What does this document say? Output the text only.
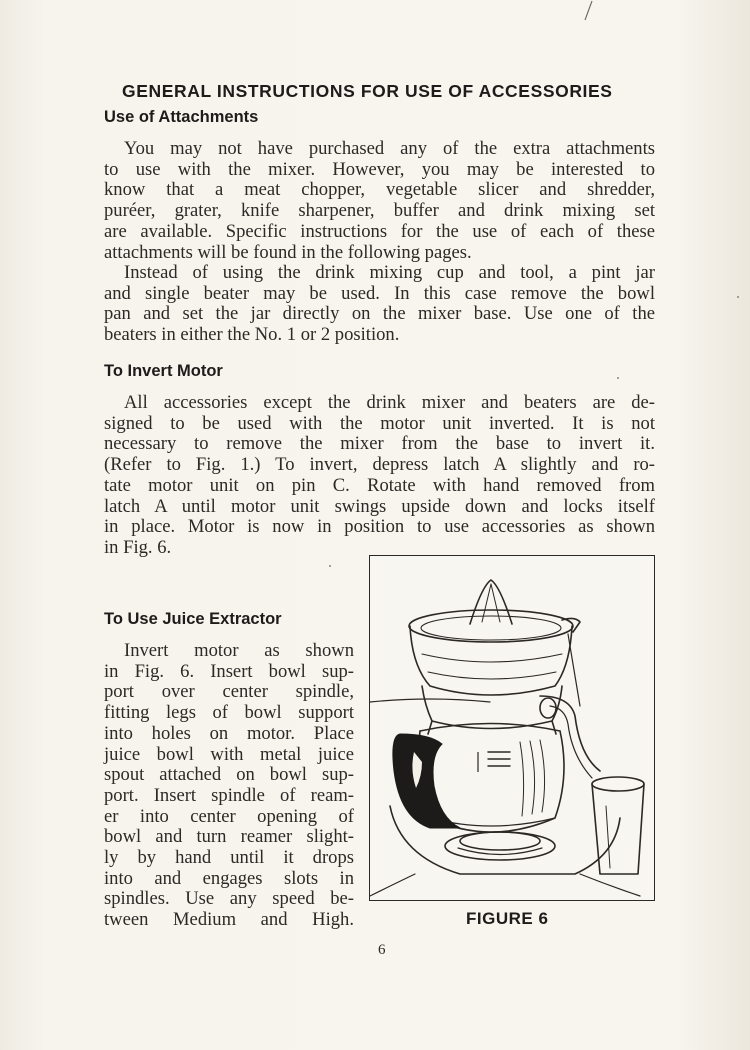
GENERAL INSTRUCTIONS FOR USE OF ACCESSORIES
Use of Attachments
You may not have purchased any of the extra attachments
to use with the mixer. However, you may be interested to
know that a meat chopper, vegetable slicer and shredder,
puréer, grater, knife sharpener, buffer and drink mixing set
are available. Specific instructions for the use of each of these
attachments will be found in the following pages.
Instead of using the drink mixing cup and tool, a pint jar
and single beater may be used. In this case remove the bowl
pan and set the jar directly on the mixer base. Use one of the
beaters in either the No. 1 or 2 position.
To Invert Motor
All accessories except the drink mixer and beaters are de-
signed to be used with the motor unit inverted. It is not
necessary to remove the mixer from the base to invert it.
(Refer to Fig. 1.) To invert, depress latch A slightly and ro-
tate motor unit on pin C. Rotate with hand removed from
latch A until motor unit swings upside down and locks itself
in place. Motor is now in position to use accessories as shown
in Fig. 6.
To Use Juice Extractor
Invert motor as shown
in Fig. 6. Insert bowl sup-
port over center spindle,
fitting legs of bowl support
into holes on motor. Place
juice bowl with metal juice
spout attached on bowl sup-
port. Insert spindle of ream-
er into center opening of
bowl and turn reamer slight-
ly by hand until it drops
into and engages slots in
spindles. Use any speed be-
tween Medium and High.	FIGURE 6
6
